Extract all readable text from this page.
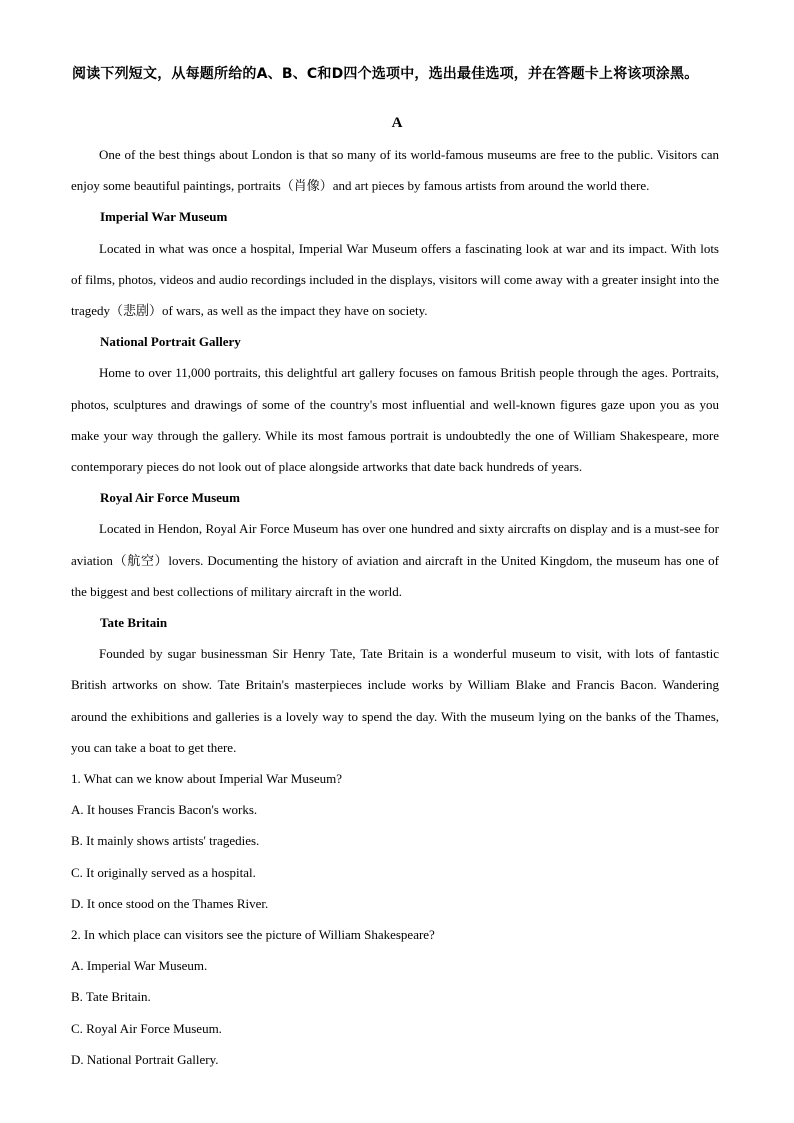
阅读下列短文，从每题所给的A、B、C和D四个选项中，选出最佳选项，并在答题卡上将该项涂黑。
A

One of the best things about London is that so many of its world-famous museums are free to the public. Visitors can enjoy some beautiful paintings, portraits（肖像）and art pieces by famous artists from around the world there.

Imperial War Museum

Located in what was once a hospital, Imperial War Museum offers a fascinating look at war and its impact. With lots of films, photos, videos and audio recordings included in the displays, visitors will come away with a greater insight into the tragedy（悲剧）of wars, as well as the impact they have on society.

National Portrait Gallery

Home to over 11,000 portraits, this delightful art gallery focuses on famous British people through the ages. Portraits, photos, sculptures and drawings of some of the country's most influential and well-known figures gaze upon you as you make your way through the gallery. While its most famous portrait is undoubtedly the one of William Shakespeare, more contemporary pieces do not look out of place alongside artworks that date back hundreds of years.

Royal Air Force Museum

Located in Hendon, Royal Air Force Museum has over one hundred and sixty aircrafts on display and is a must-see for aviation（航空）lovers. Documenting the history of aviation and aircraft in the United Kingdom, the museum has one of the biggest and best collections of military aircraft in the world.

Tate Britain

Founded by sugar businessman Sir Henry Tate, Tate Britain is a wonderful museum to visit, with lots of fantastic British artworks on show. Tate Britain's masterpieces include works by William Blake and Francis Bacon. Wandering around the exhibitions and galleries is a lovely way to spend the day. With the museum lying on the banks of the Thames, you can take a boat to get there.

1. What can we know about Imperial War Museum?
A. It houses Francis Bacon's works.
B. It mainly shows artists' tragedies.
C. It originally served as a hospital.
D. It once stood on the Thames River.
2. In which place can visitors see the picture of William Shakespeare?
A. Imperial War Museum.
B. Tate Britain.
C. Royal Air Force Museum.
D. National Portrait Gallery.
